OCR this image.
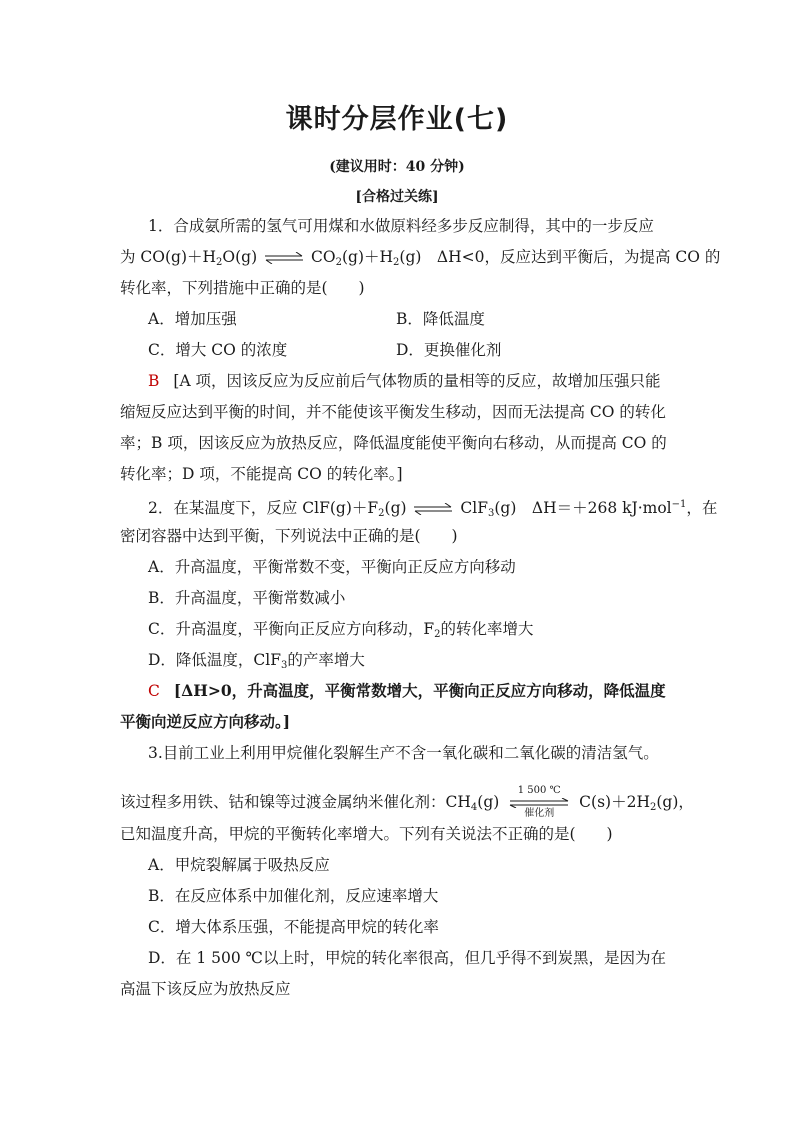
课时分层作业(七)
(建议用时：40 分钟)
[合格过关练]
1．合成氨所需的氢气可用煤和水做原料经多步反应制得，其中的一步反应
为 $CO(g)+H_2O(g)$ ⇌ $CO_2(g)+H_2(g)$　ΔH<0，反应达到平衡后，为提高 CO 的
转化率，下列措施中正确的是(　　)
A．增加压强	B．降低温度
C．增大 CO 的浓度	D．更换催化剂
B [A 项，因该反应为反应前后气体物质的量相等的反应，故增加压强只能
缩短反应达到平衡的时间，并不能使该平衡发生移动，因而无法提高 CO 的转化
率；B 项，因该反应为放热反应，降低温度能使平衡向右移动，从而提高 CO 的
转化率；D 项，不能提高 CO 的转化率。]
2．在某温度下，反应 $ClF(g)+F_2(g)$ ⇌ ClF$_3$(g)　ΔH＝＋268 kJ·mol$^{-1}$，在
密闭容器中达到平衡，下列说法中正确的是(　　)
A．升高温度，平衡常数不变，平衡向正反应方向移动
B．升高温度，平衡常数减小
C．升高温度，平衡向正反应方向移动，$F_2$的转化率增大
D．降低温度，ClF$_3$的产率增大
C [ΔH>0，升高温度，平衡常数增大，平衡向正反应方向移动，降低温度
平衡向逆反应方向移动。]
3.目前工业上利用甲烷催化裂解生产不含一氧化碳和二氧化碳的清洁氢气。
该过程多用铁、钴和镍等过渡金属纳米催化剂：$CH_4(g)$
1 500 ℃
催化剂
$C(s)+2H_2(g)$，
已知温度升高，甲烷的平衡转化率增大。下列有关说法不正确的是(　　)
A．甲烷裂解属于吸热反应
B．在反应体系中加催化剂，反应速率增大
C．增大体系压强，不能提高甲烷的转化率
D．在 1 500 ℃以上时，甲烷的转化率很高，但几乎得不到炭黑，是因为在
高温下该反应为放热反应
